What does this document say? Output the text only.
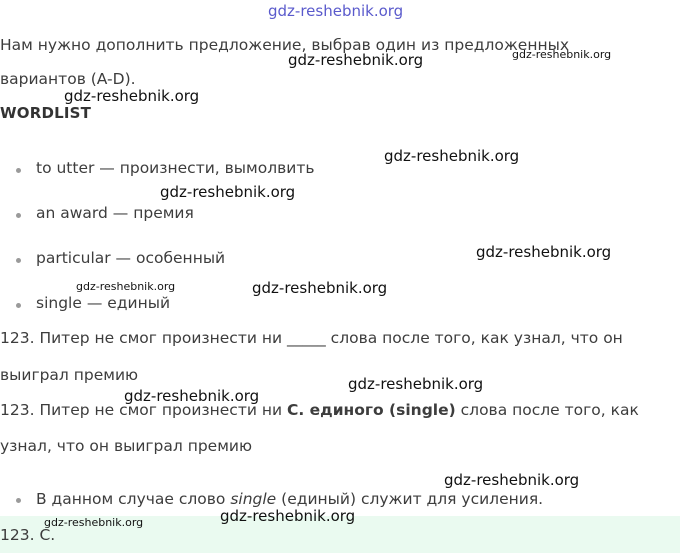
gdz-reshebnik.org
Нам нужно дополнить предложение, выбрав один из предложенных
вариантов (A-D).
WORDLIST
to utter — произнести, вымолвить
an award — премия
particular — особенный
single — единый
123. Питер не смог произнести ни _____ слова после того, как узнал, что он
выиграл премию
123. Питер не смог произнести ни C. единого (single) слова после того, как
узнал, что он выиграл премию
В данном случае слово single (единый) служит для усиления.
123. C.
gdz-reshebnik.org	gdz-reshebnik.org
gdz-reshebnik.org
gdz-reshebnik.org
gdz-reshebnik.org
gdz-reshebnik.org
gdz-reshebnik.org	gdz-reshebnik.org
gdz-reshebnik.org
gdz-reshebnik.org
gdz-reshebnik.org
gdz-reshebnik.org
gdz-reshebnik.org
